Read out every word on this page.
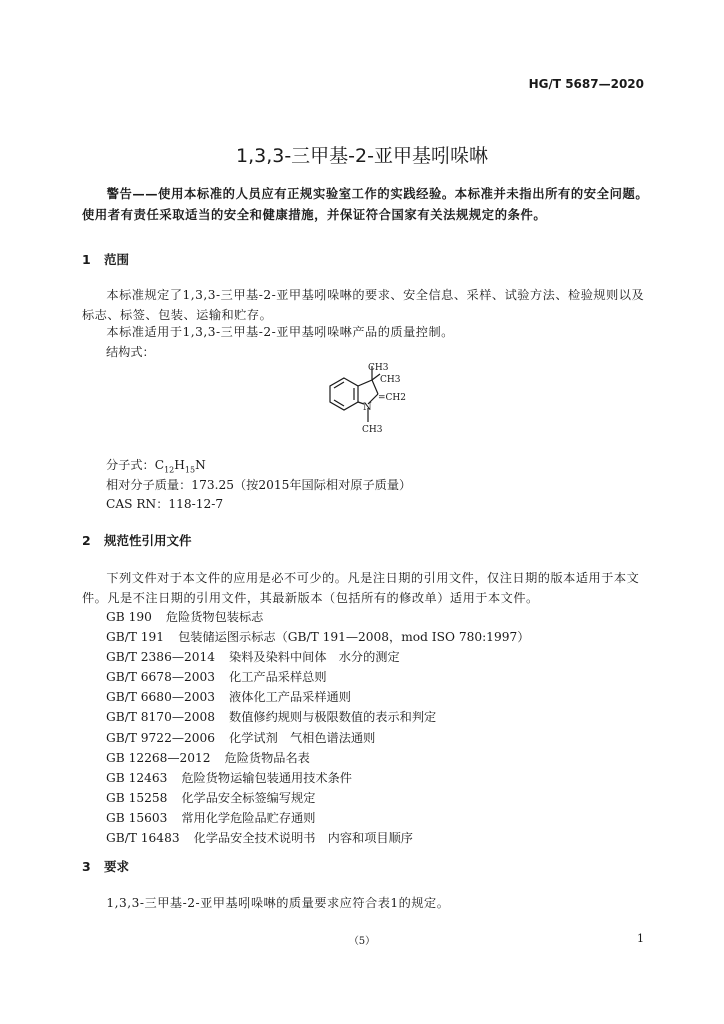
HG/T 5687—2020
1,3,3-三甲基-2-亚甲基吲哚啉
警告——使用本标准的人员应有正规实验室工作的实践经验。本标准并未指出所有的安全问题。使用者有责任采取适当的安全和健康措施，并保证符合国家有关法规规定的条件。
1 范围
本标准规定了1,3,3-三甲基-2-亚甲基吲哚啉的要求、安全信息、采样、试验方法、检验规则以及标志、标签、包装、运输和贮存。
本标准适用于1,3,3-三甲基-2-亚甲基吲哚啉产品的质量控制。
结构式：
CH3
CH3
=CH2
N
CH3
分子式：$C_{12}H_{15}N$
相对分子质量：173.25（按2015年国际相对原子质量）
CAS RN：118-12-7
2 规范性引用文件
下列文件对于本文件的应用是必不可少的。凡是注日期的引用文件，仅注日期的版本适用于本文件。凡是不注日期的引用文件，其最新版本（包括所有的修改单）适用于本文件。
GB 190 危险货物包装标志
GB/T 191 包装储运图示标志（GB/T 191—2008，mod ISO 780:1997）
GB/T 2386—2014 染料及染料中间体　水分的测定
GB/T 6678—2003 化工产品采样总则
GB/T 6680—2003 液体化工产品采样通则
GB/T 8170—2008 数值修约规则与极限数值的表示和判定
GB/T 9722—2006 化学试剂　气相色谱法通则
GB 12268—2012 危险货物品名表
GB 12463 危险货物运输包装通用技术条件
GB 15258 化学品安全标签编写规定
GB 15603 常用化学危险品贮存通则
GB/T 16483 化学品安全技术说明书　内容和项目顺序
3 要求
1,3,3-三甲基-2-亚甲基吲哚啉的质量要求应符合表1的规定。
（5）	1
